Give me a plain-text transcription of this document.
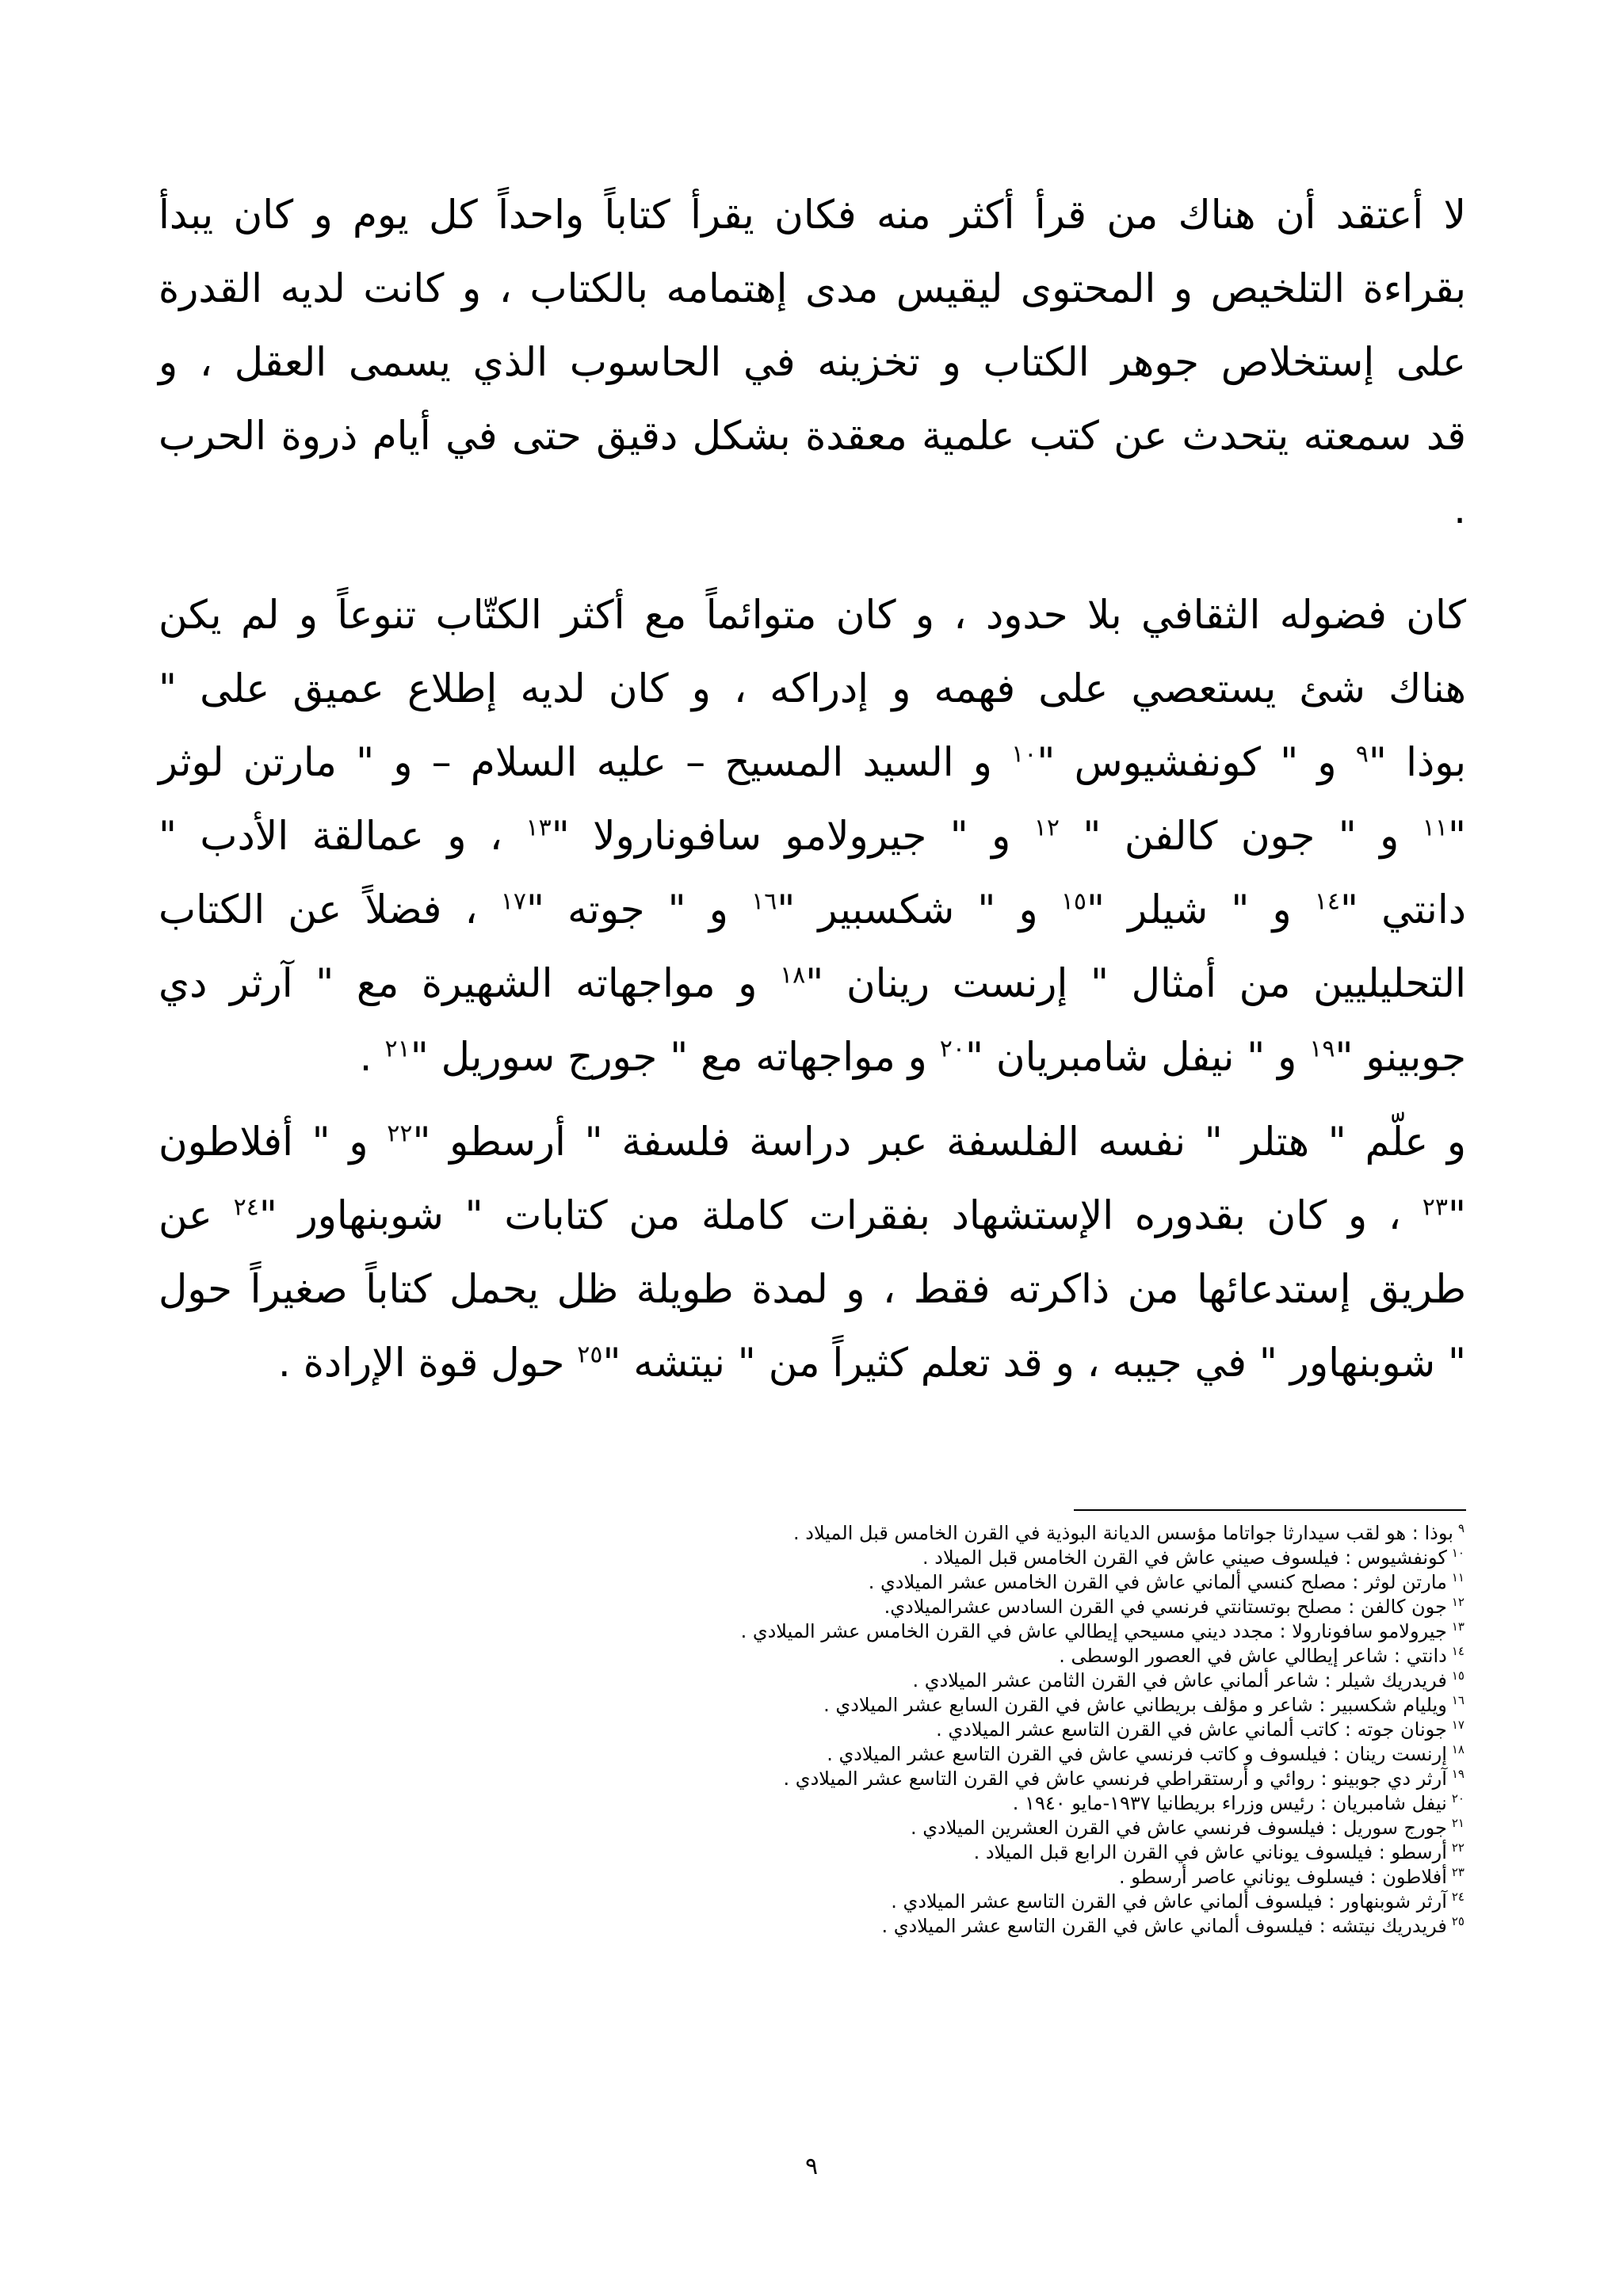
لا أعتقد أن هناك من قرأ أكثر منه فكان يقرأ كتاباً واحداً كل يوم و كان يبدأ
بقراءة التلخيص و المحتوى ليقيس مدى إهتمامه بالكتاب ، و كانت لديه القدرة
على إستخلاص جوهر الكتاب و تخزينه في الحاسوب الذي يسمى العقل ، و
قد سمعته يتحدث عن كتب علمية معقدة بشكل دقيق حتى في أيام ذروة الحرب
.
كان فضوله الثقافي بلا حدود ، و كان متوائماً مع أكثر الكتّاب تنوعاً و لم يكن
هناك شئ يستعصي على فهمه و إدراكه ، و كان لديه إطلاع عميق على "
بوذا "$^٩$ و " كونفشيوس "$^{١٠}$ و السيد المسيح – عليه السلام – و " مارتن لوثر
"$^{١١}$ و " جون كالفن " $^{١٢}$ و " جيرولامو سافونارولا "$^{١٣}$ ، و عمالقة الأدب "
دانتي "$^{١٤}$ و " شيلر "$^{١٥}$ و " شكسبير "$^{١٦}$ و " جوته "$^{١٧}$ ، فضلاً عن الكتاب
التحليليين من أمثال " إرنست رينان "$^{١٨}$ و مواجهاته الشهيرة مع " آرثر دي
جوبينو "$^{١٩}$ و " نيفل شامبريان "$^{٢٠}$ و مواجهاته مع " جورج سوريل "$^{٢١}$ .
و علّم " هتلر " نفسه الفلسفة عبر دراسة فلسفة " أرسطو "$^{٢٢}$ و " أفلاطون
"$^{٢٣}$ ، و كان بقدوره الإستشهاد بفقرات كاملة من كتابات " شوبنهاور "$^{٢٤}$ عن
طريق إستدعائها من ذاكرته فقط ، و لمدة طويلة ظل يحمل كتاباً صغيراً حول
" شوبنهاور " في جيبه ، و قد تعلم كثيراً من " نيتشه "$^{٢٥}$ حول قوة الإرادة .
$^٩$بوذا : هو لقب سيدارثا جواتاما مؤسس الديانة البوذية في القرن الخامس قبل الميلاد .
$^{١٠}$كونفشيوس : فيلسوف صيني عاش في القرن الخامس قبل الميلاد .
$^{١١}$مارتن لوثر : مصلح كنسي ألماني عاش في القرن الخامس عشر الميلادي .
$^{١٢}$جون كالفن : مصلح بوتستانتي فرنسي في القرن السادس عشرالميلادي.
$^{١٣}$جيرولامو سافونارولا : مجدد ديني مسيحي إيطالي عاش في القرن الخامس عشر الميلادي .
$^{١٤}$دانتي : شاعر إيطالي عاش في العصور الوسطى .
$^{١٥}$فريدريك شيلر : شاعر ألماني عاش في القرن الثامن عشر الميلادي .
$^{١٦}$ويليام شكسبير : شاعر و مؤلف بريطاني عاش في القرن السابع عشر الميلادي .
$^{١٧}$جونان جوته : كاتب ألماني عاش في القرن التاسع عشر الميلادي .
$^{١٨}$إرنست رينان : فيلسوف و كاتب فرنسي عاش في القرن التاسع عشر الميلادي .
$^{١٩}$آرثر دي جوبينو : روائي و أرستقراطي فرنسي عاش في القرن التاسع عشر الميلادي .
$^{٢٠}$نيفل شامبريان : رئيس وزراء بريطانيا ١٩٣٧-مايو ١٩٤٠ .
$^{٢١}$جورج سوريل : فيلسوف فرنسي عاش في القرن العشرين الميلادي .
$^{٢٢}$أرسطو : فيلسوف يوناني عاش في القرن الرابع قبل الميلاد .
$^{٢٣}$أفلاطون : فيسلوف يوناني عاصر أرسطو .
$^{٢٤}$آرثر شوبنهاور : فيلسوف ألماني عاش في القرن التاسع عشر الميلادي .
$^{٢٥}$فريدريك نيتشه : فيلسوف ألماني عاش في القرن التاسع عشر الميلادي .
٩
